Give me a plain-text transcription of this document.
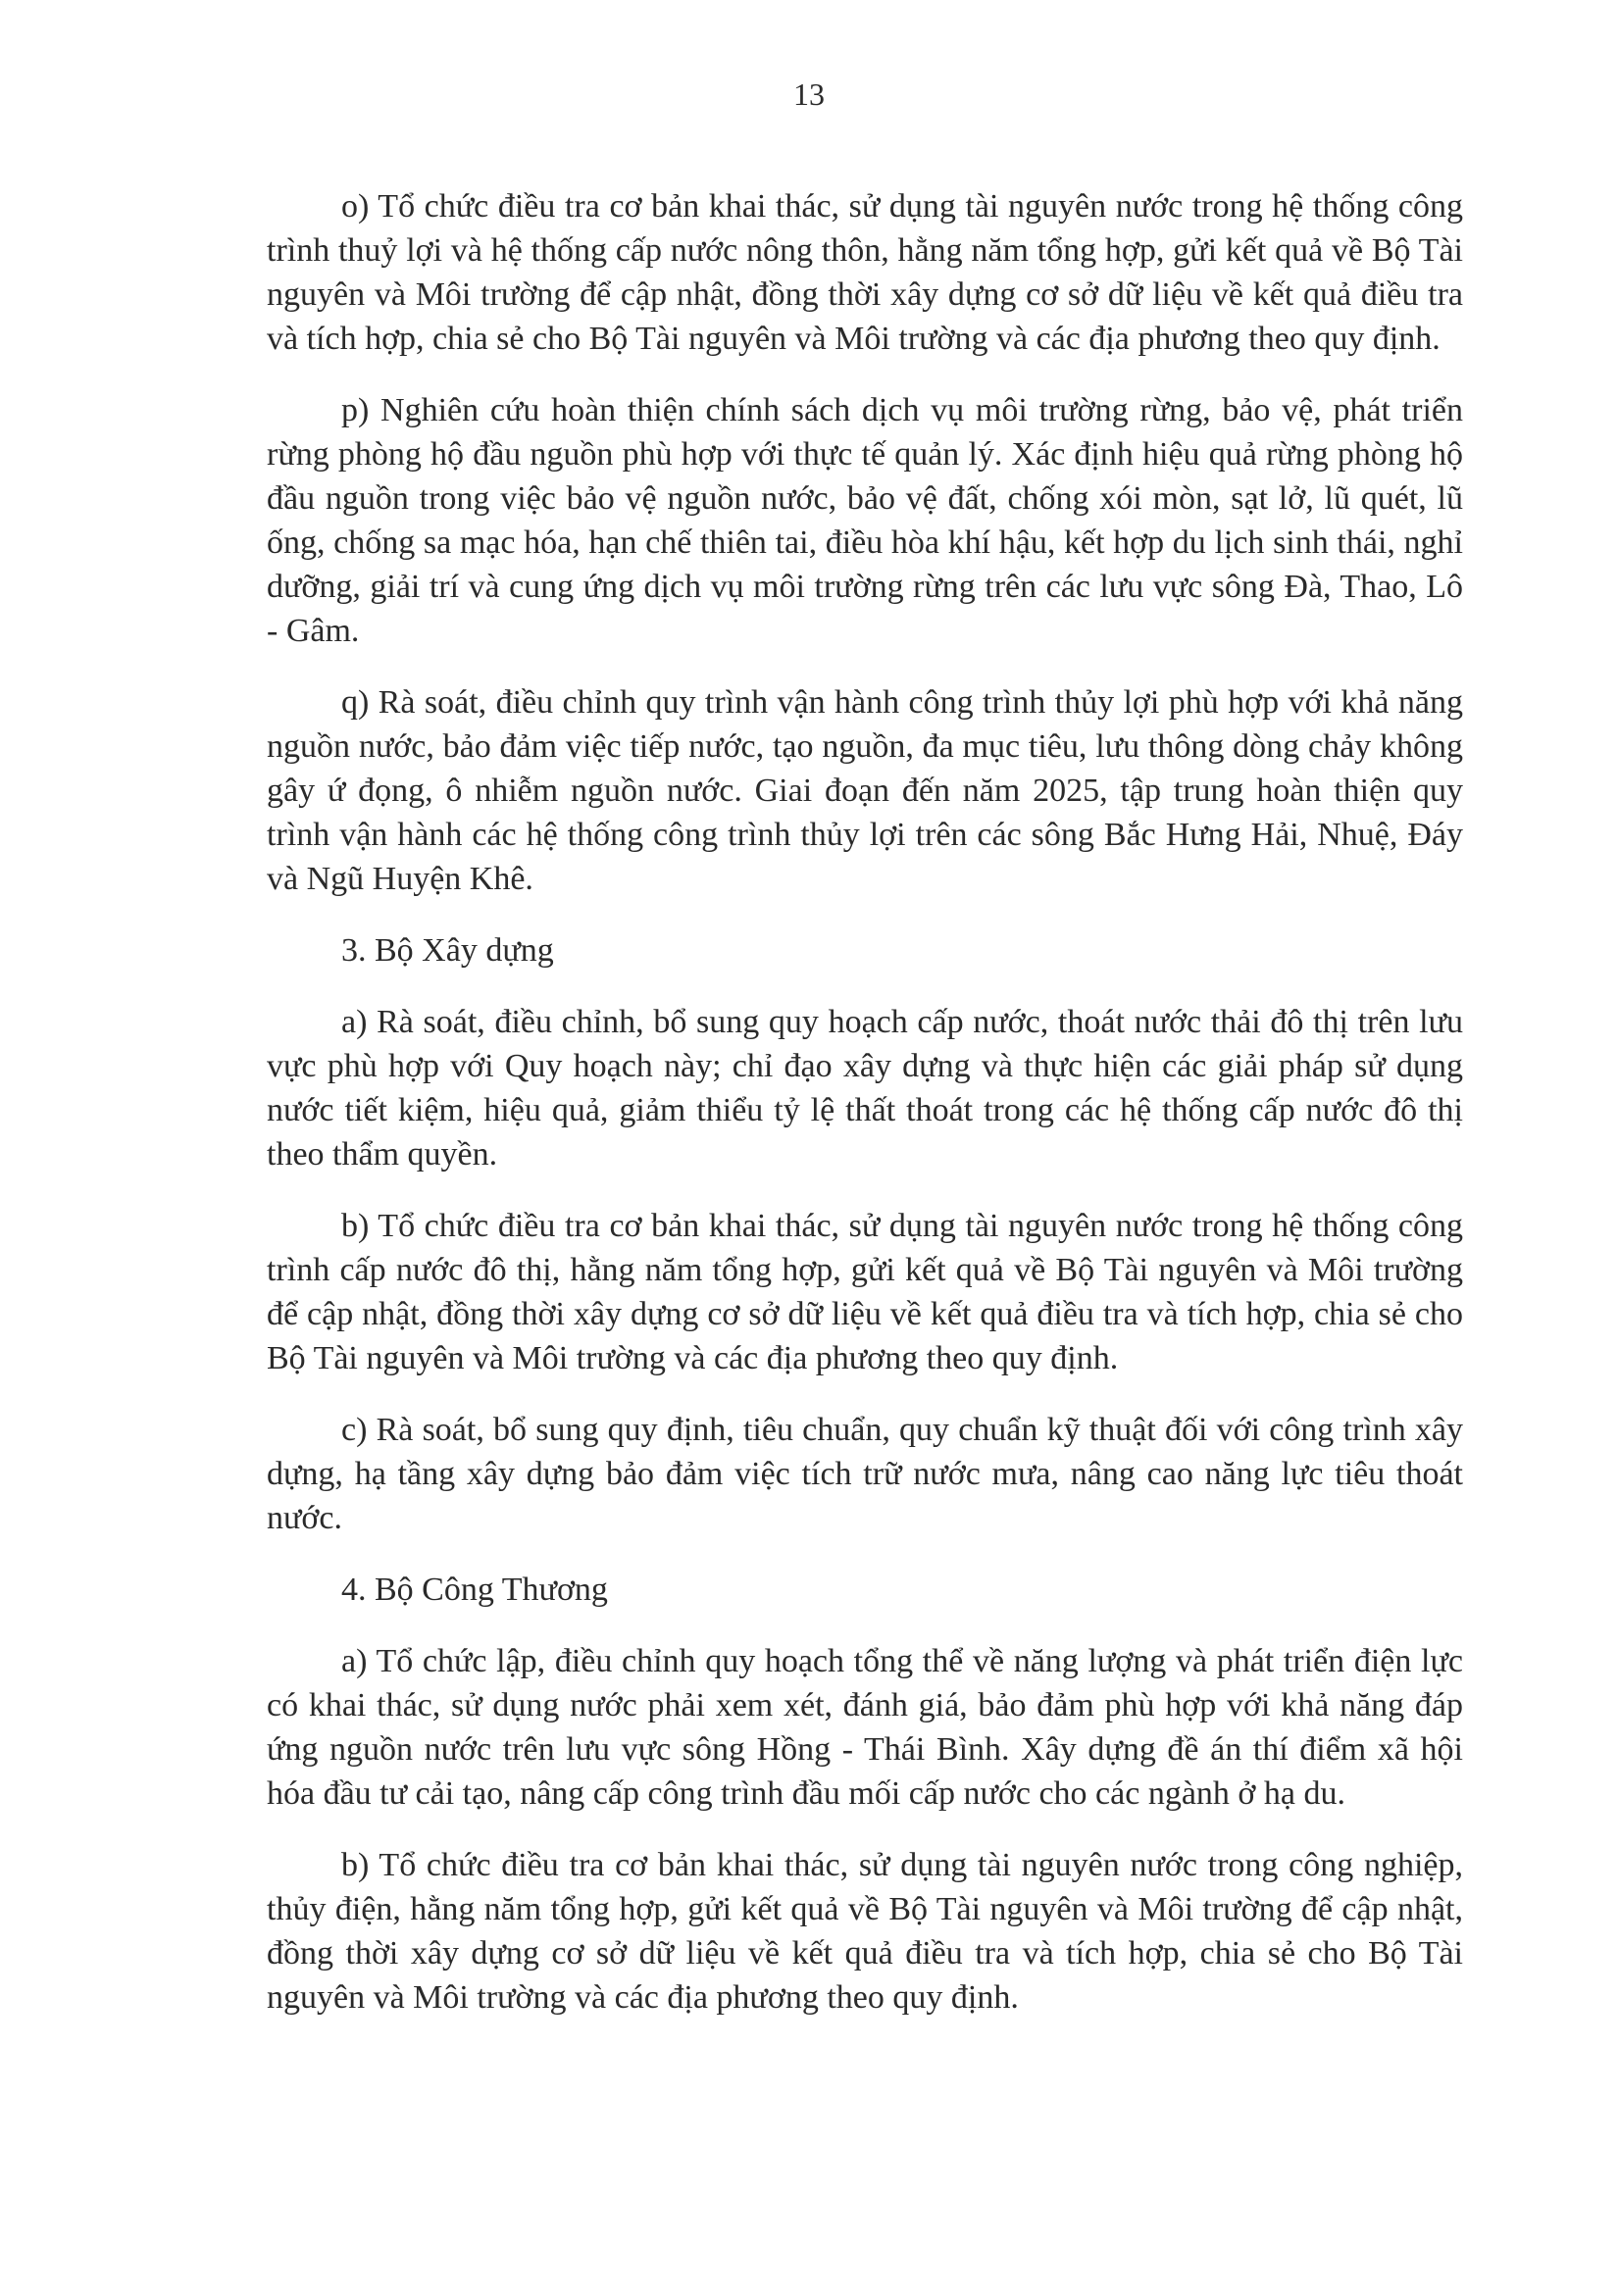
13

o) Tổ chức điều tra cơ bản khai thác, sử dụng tài nguyên nước trong hệ thống công trình thuỷ lợi và hệ thống cấp nước nông thôn, hằng năm tổng hợp, gửi kết quả về Bộ Tài nguyên và Môi trường để cập nhật, đồng thời xây dựng cơ sở dữ liệu về kết quả điều tra và tích hợp, chia sẻ cho Bộ Tài nguyên và Môi trường và các địa phương theo quy định.

p) Nghiên cứu hoàn thiện chính sách dịch vụ môi trường rừng, bảo vệ, phát triển rừng phòng hộ đầu nguồn phù hợp với thực tế quản lý. Xác định hiệu quả rừng phòng hộ đầu nguồn trong việc bảo vệ nguồn nước, bảo vệ đất, chống xói mòn, sạt lở, lũ quét, lũ ống, chống sa mạc hóa, hạn chế thiên tai, điều hòa khí hậu, kết hợp du lịch sinh thái, nghỉ dưỡng, giải trí và cung ứng dịch vụ môi trường rừng trên các lưu vực sông Đà, Thao, Lô - Gâm.

q) Rà soát, điều chỉnh quy trình vận hành công trình thủy lợi phù hợp với khả năng nguồn nước, bảo đảm việc tiếp nước, tạo nguồn, đa mục tiêu, lưu thông dòng chảy không gây ứ đọng, ô nhiễm nguồn nước. Giai đoạn đến năm 2025, tập trung hoàn thiện quy trình vận hành các hệ thống công trình thủy lợi trên các sông Bắc Hưng Hải, Nhuệ, Đáy và Ngũ Huyện Khê.

3. Bộ Xây dựng

a) Rà soát, điều chỉnh, bổ sung quy hoạch cấp nước, thoát nước thải đô thị trên lưu vực phù hợp với Quy hoạch này; chỉ đạo xây dựng và thực hiện các giải pháp sử dụng nước tiết kiệm, hiệu quả, giảm thiểu tỷ lệ thất thoát trong các hệ thống cấp nước đô thị theo thẩm quyền.

b) Tổ chức điều tra cơ bản khai thác, sử dụng tài nguyên nước trong hệ thống công trình cấp nước đô thị, hằng năm tổng hợp, gửi kết quả về Bộ Tài nguyên và Môi trường để cập nhật, đồng thời xây dựng cơ sở dữ liệu về kết quả điều tra và tích hợp, chia sẻ cho Bộ Tài nguyên và Môi trường và các địa phương theo quy định.

c) Rà soát, bổ sung quy định, tiêu chuẩn, quy chuẩn kỹ thuật đối với công trình xây dựng, hạ tầng xây dựng bảo đảm việc tích trữ nước mưa, nâng cao năng lực tiêu thoát nước.

4. Bộ Công Thương

a) Tổ chức lập, điều chỉnh quy hoạch tổng thể về năng lượng và phát triển điện lực có khai thác, sử dụng nước phải xem xét, đánh giá, bảo đảm phù hợp với khả năng đáp ứng nguồn nước trên lưu vực sông Hồng - Thái Bình. Xây dựng đề án thí điểm xã hội hóa đầu tư cải tạo, nâng cấp công trình đầu mối cấp nước cho các ngành ở hạ du.

b) Tổ chức điều tra cơ bản khai thác, sử dụng tài nguyên nước trong công nghiệp, thủy điện, hằng năm tổng hợp, gửi kết quả về Bộ Tài nguyên và Môi trường để cập nhật, đồng thời xây dựng cơ sở dữ liệu về kết quả điều tra và tích hợp, chia sẻ cho Bộ Tài nguyên và Môi trường và các địa phương theo quy định.
